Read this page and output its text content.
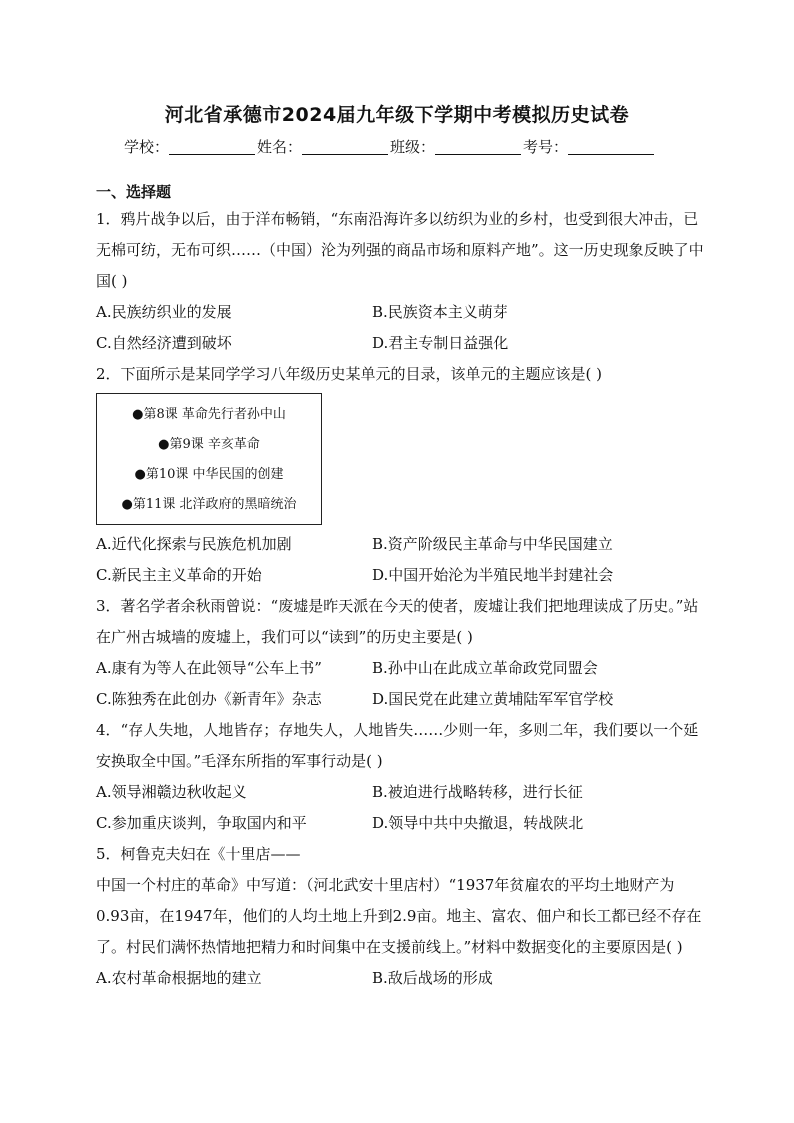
河北省承德市2024届九年级下学期中考模拟历史试卷
学校：	姓名：	班级：	考号：
一、选择题

1．鸦片战争以后，由于洋布畅销，“东南沿海许多以纺织为业的乡村，也受到很大冲击，已无棉可纺，无布可织……（中国）沦为列强的商品市场和原料产地”。这一历史现象反映了中国( )

A.民族纺织业的发展	B.民族资本主义萌芽
C.自然经济遭到破坏	D.君主专制日益强化

2．下面所示是某同学学习八年级历史某单元的目录，该单元的主题应该是( )

●第8课 革命先行者孙中山
●第9课 辛亥革命
●第10课 中华民国的创建
●第11课 北洋政府的黑暗统治
A.近代化探索与民族危机加剧	B.资产阶级民主革命与中华民国建立
C.新民主主义革命的开始	D.中国开始沦为半殖民地半封建社会

3．著名学者余秋雨曾说：“废墟是昨天派在今天的使者，废墟让我们把地理读成了历史。”站在广州古城墙的废墟上，我们可以“读到”的历史主要是( )

A.康有为等人在此领导“公车上书”	B.孙中山在此成立革命政党同盟会
C.陈独秀在此创办《新青年》杂志	D.国民党在此建立黄埔陆军军官学校

4．“存人失地，人地皆存；存地失人，人地皆失……少则一年，多则二年，我们要以一个延安换取全中国。”毛泽东所指的军事行动是( )

A.领导湘赣边秋收起义	B.被迫进行战略转移，进行长征
C.参加重庆谈判，争取国内和平	D.领导中共中央撤退，转战陕北

5．柯鲁克夫妇在《十里店——

中国一个村庄的革命》中写道：（河北武安十里店村）“1937年贫雇农的平均土地财产为0.93亩，在1947年，他们的人均土地上升到2.9亩。地主、富农、佃户和长工都已经不存在了。村民们满怀热情地把精力和时间集中在支援前线上。”材料中数据变化的主要原因是( )

A.农村革命根据地的建立	B.敌后战场的形成
